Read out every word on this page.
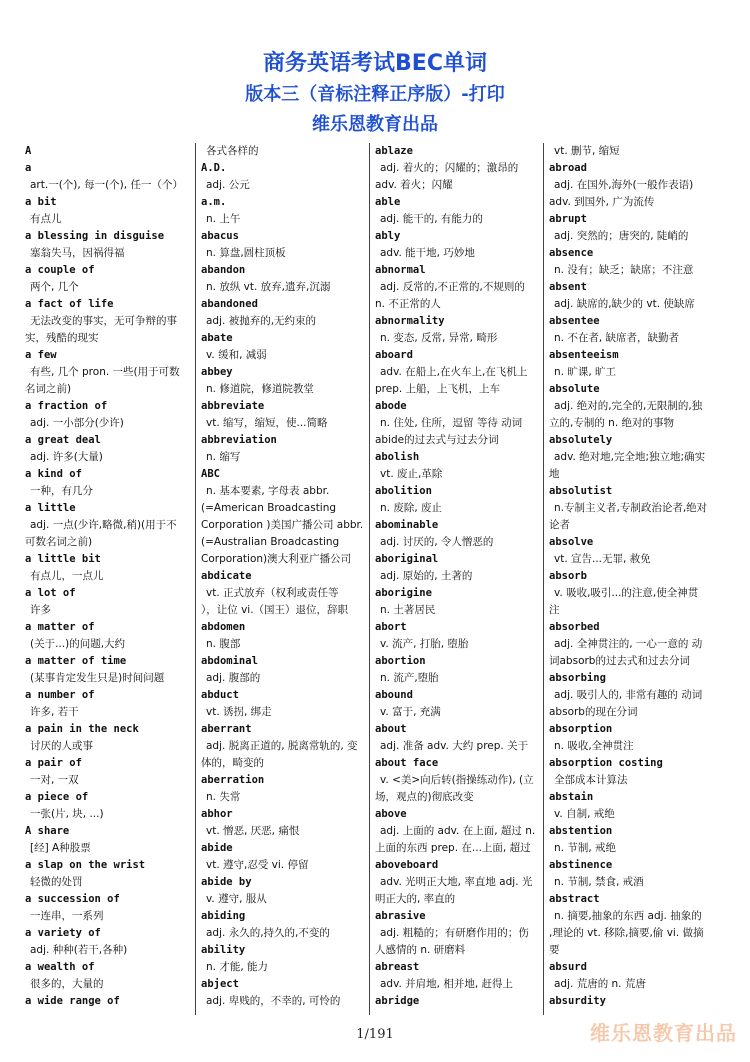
商务英语考试BEC单词
版本三（音标注释正序版）-打印
维乐恩教育出品
A
a
art.一(个), 每一(个), 任一（个）
a bit
有点儿
a blessing in disguise
塞翁失马，因祸得福
a couple of
两个, 几个
a fact of life
无法改变的事实，无可争辩的事
实，残酷的现实
a few
有些, 几个 pron. 一些(用于可数
名词之前)
a fraction of
adj. 一小部分(少许)
a great deal
adj. 许多(大量)
a kind of
一种，有几分
a little
adj. 一点(少许,略微,稍)(用于不
可数名词之前)
a little bit
有点儿，一点儿
a lot of
许多
a matter of
(关于...)的问题,大约
a matter of time
(某事肯定发生只是)时间问题
a number of
许多, 若干
a pain in the neck
讨厌的人或事
a pair of
一对, 一双
a piece of
一张(片, 块, ...)
A share
[经] A种股票
a slap on the wrist
轻微的处罚
a succession of
一连串，一系列
a variety of
adj. 种种(若干,各种)
a wealth of
很多的，大量的
a wide range of
各式各样的
A.D.
adj. 公元
a.m.
n. 上午
abacus
n. 算盘,圆柱顶板
abandon
n. 放纵 vt. 放弃,遗弃,沉溺
abandoned
adj. 被抛弃的,无约束的
abate
v. 缓和, 减弱
abbey
n. 修道院，修道院教堂
abbreviate
vt. 缩写，缩短，使...简略
abbreviation
n. 缩写
ABC
n. 基本要素, 字母表 abbr.
(=American Broadcasting
Corporation )美国广播公司 abbr.
(=Australian Broadcasting
Corporation)澳大利亚广播公司
abdicate
vt. 正式放弃（权利或责任等
），让位 vi.（国王）退位，辞职
abdomen
n. 腹部
abdominal
adj. 腹部的
abduct
vt. 诱拐, 绑走
aberrant
adj. 脱离正道的, 脱离常轨的, 变
体的，畸变的
aberration
n. 失常
abhor
vt. 憎恶, 厌恶, 痛恨
abide
vt. 遵守,忍受 vi. 停留
abide by
v. 遵守, 服从
abiding
adj. 永久的,持久的,不变的
ability
n. 才能, 能力
abject
adj. 卑贱的，不幸的, 可怜的
ablaze
adj. 着火的；闪耀的；激昂的
adv. 着火；闪耀
able
adj. 能干的, 有能力的
ably
adv. 能干地, 巧妙地
abnormal
adj. 反常的,不正常的,不规则的
n. 不正常的人
abnormality
n. 变态, 反常, 异常, 畸形
aboard
adv. 在船上,在火车上,在飞机上
prep. 上船，上飞机，上车
abode
n. 住处, 住所，逗留 等待 动词
abide的过去式与过去分词
abolish
vt. 废止,革除
abolition
n. 废除, 废止
abominable
adj. 讨厌的, 令人憎恶的
aboriginal
adj. 原始的, 土著的
aborigine
n. 土著居民
abort
v. 流产, 打胎, 堕胎
abortion
n. 流产,堕胎
abound
v. 富于, 充满
about
adj. 准备 adv. 大约 prep. 关于
about face
v. <美>向后转(指操练动作), (立
场，观点的)彻底改变
above
adj. 上面的 adv. 在上面, 超过 n.
上面的东西 prep. 在...上面, 超过
aboveboard
adv. 光明正大地, 率直地 adj. 光
明正大的, 率直的
abrasive
adj. 粗糙的；有研磨作用的；伤
人感情的 n. 研磨料
abreast
adv. 并肩地, 相并地, 赶得上
abridge
vt. 删节, 缩短
abroad
adj. 在国外,海外(一般作表语)
adv. 到国外, 广为流传
abrupt
adj. 突然的；唐突的, 陡峭的
absence
n. 没有；缺乏；缺席；不注意
absent
adj. 缺席的,缺少的 vt. 使缺席
absentee
n. 不在者, 缺席者，缺勤者
absenteeism
n. 旷课, 旷工
absolute
adj. 绝对的,完全的,无限制的,独
立的,专制的 n. 绝对的事物
absolutely
adv. 绝对地,完全地;独立地;确实
地
absolutist
n.专制主义者,专制政治论者,绝对
论者
absolve
vt. 宣告...无罪, 赦免
absorb
v. 吸收,吸引...的注意,使全神贯
注
absorbed
adj. 全神贯注的, 一心一意的 动
词absorb的过去式和过去分词
absorbing
adj. 吸引人的, 非常有趣的 动词
absorb的现在分词
absorption
n. 吸收,全神贯注
absorption costing
全部成本计算法
abstain
v. 自制, 戒绝
abstention
n. 节制, 戒绝
abstinence
n. 节制, 禁食, 戒酒
abstract
n. 摘要,抽象的东西 adj. 抽象的
,理论的 vt. 移除,摘要,偷 vi. 做摘
要
absurd
adj. 荒唐的 n. 荒唐
absurdity
1/191	维乐恩教育出品
